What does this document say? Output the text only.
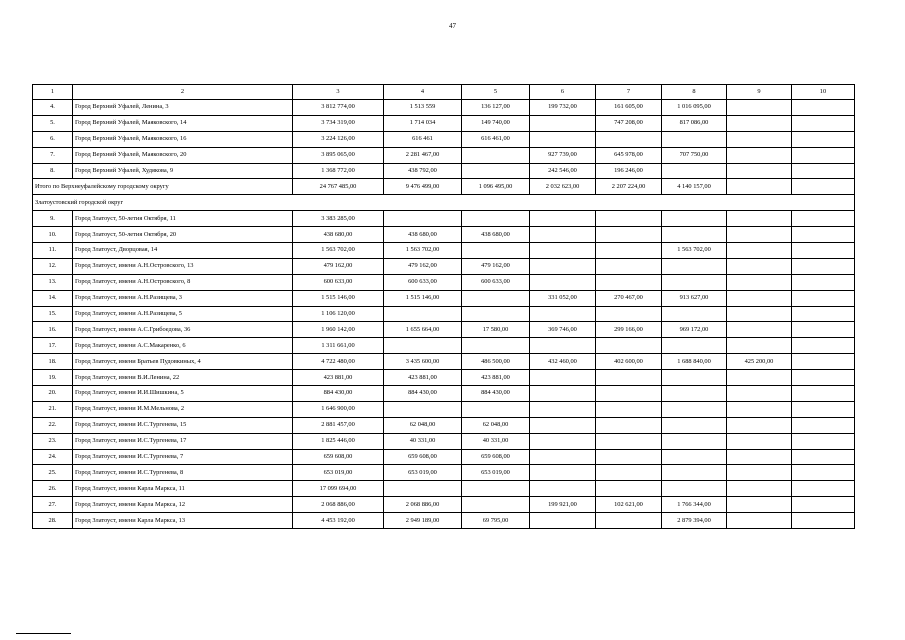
47
1	2	3	4	5	6	7	8	9	10
4.	Город Верхний Уфалей, Ленина, 3	3 812 774,00	1 513 559	136 127,00	199 732,00	161 605,00	1 016 095,00		
5.	Город Верхний Уфалей, Маяковского, 14	3 734 319,00	1 714 034	149 740,00		747 208,00	817 086,00		
6.	Город Верхний Уфалей, Маяковского, 16	3 224 126,00	616 461	616 461,00					
7.	Город Верхний Уфалей, Маяковского, 20	3 895 065,00	2 281 467,00		927 739,00	645 978,00	707 750,00		
8.	Город Верхний Уфалей, Худякова, 9	1 368 772,00	438 792,00		242 546,00	196 246,00			
Итого по Верхнеуфалейскому городскому округу		24 767 485,00	9 476 499,00	1 096 495,00	2 032 623,00	2 207 224,00	4 140 157,00		
Златоустовский городской округ									
9.	Город Златоуст, 50-летия Октября, 11	3 383 285,00							
10.	Город Златоуст, 50-летия Октября, 20	438 680,00	438 680,00	438 680,00					
11.	Город Златоуст, Дворцовая, 14	1 563 702,00	1 563 702,00				1 563 702,00		
12.	Город Златоуст, имени А.Н.Островского, 13	479 162,00	479 162,00	479 162,00					
13.	Город Златоуст, имени А.Н.Островского, 8	600 633,00	600 633,00	600 633,00					
14.	Город Златоуст, имени А.Н.Разищева, 3	1 515 146,00	1 515 146,00		331 052,00	270 467,00	913 627,00		
15.	Город Златоуст, имени А.Н.Разищева, 5	1 106 120,00							
16.	Город Златоуст, имени А.С.Грибоедова, 36	1 960 142,00	1 655 664,00	17 580,00	369 746,00	299 166,00	969 172,00		
17.	Город Златоуст, имени А.С.Макаренко, 6	1 311 661,00							
18.	Город Златоуст, имени Братьев Пудовкиных, 4	4 722 480,00	3 435 600,00	486 500,00	432 460,00	402 600,00	1 688 840,00	425 200,00	
19.	Город Златоуст, имени В.И.Ленина, 22	423 881,00	423 881,00	423 881,00					
20.	Город Златоуст, имени И.И.Шишкина, 5	884 430,00	884 430,00	884 430,00					
21.	Город Златоуст, имени И.М.Мельнова, 2	1 646 900,00							
22.	Город Златоуст, имени И.С.Тургенева, 15	2 881 457,00	62 048,00	62 048,00					
23.	Город Златоуст, имени И.С.Тургенева, 17	1 825 446,00	40 331,00	40 331,00					
24.	Город Златоуст, имени И.С.Тургенева, 7	659 608,00	659 608,00	659 608,00					
25.	Город Златоуст, имени И.С.Тургенева, 8	653 019,00	653 019,00	653 019,00					
26.	Город Златоуст, имени Карла Маркса, 11	17 099 694,00							
27.	Город Златоуст, имени Карла Маркса, 12	2 068 886,00	2 068 886,00		199 921,00	102 621,00	1 766 344,00		
28.	Город Златоуст, имени Карла Маркса, 13	4 453 192,00	2 949 189,00	69 795,00			2 879 394,00		
